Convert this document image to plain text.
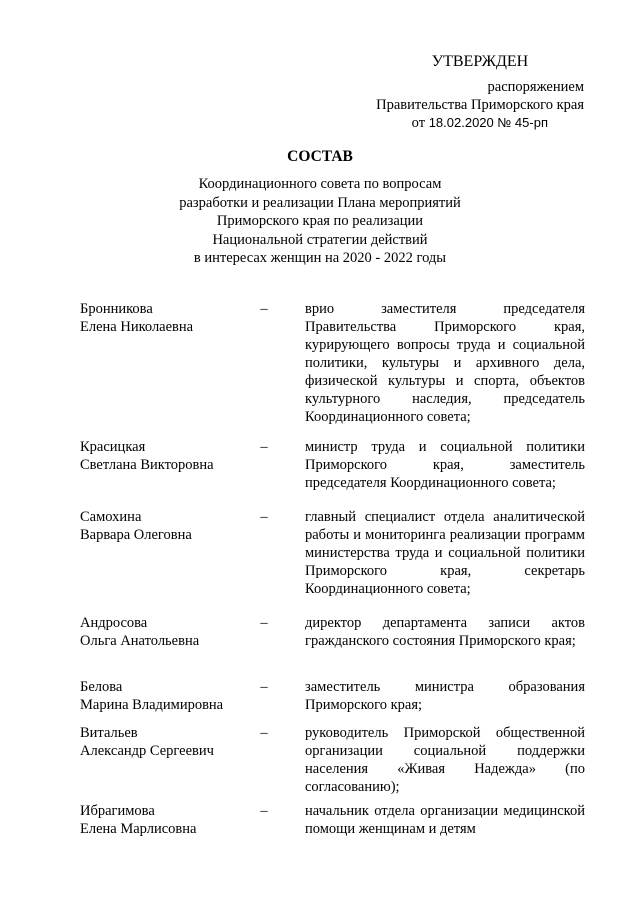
УТВЕРЖДЕН
распоряжением
Правительства Приморского края
от 18.02.2020 № 45-рп
СОСТАВ
Координационного совета по вопросам
разработки и реализации Плана мероприятий
Приморского края по реализации
Национальной стратегии действий
в интересах женщин на 2020 - 2022 годы
Бронникова
Елена Николаевна
–	врио заместителя председателя Правительства Приморского края, курирующего вопросы труда и социальной политики, культуры и архивного дела, физической культуры и спорта, объектов культурного наследия, председатель Координационного совета;
Красицкая
Светлана Викторовна
–	министр труда и социальной политики Приморского края, заместитель председателя Координационного совета;
Самохина
Варвара Олеговна
–	главный специалист отдела аналитической работы и мониторинга реализации программ министерства труда и социальной политики Приморского края, секретарь Координационного совета;
Андросова
Ольга Анатольевна
–	директор департамента записи актов гражданского состояния Приморского края;
Белова
Марина Владимировна
–	заместитель министра образования Приморского края;
Витальев
Александр Сергеевич
–	руководитель Приморской общественной организации социальной поддержки населения «Живая Надежда» (по согласованию);
Ибрагимова
Елена Марлисовна
–	начальник отдела организации медицинской помощи женщинам и детям
